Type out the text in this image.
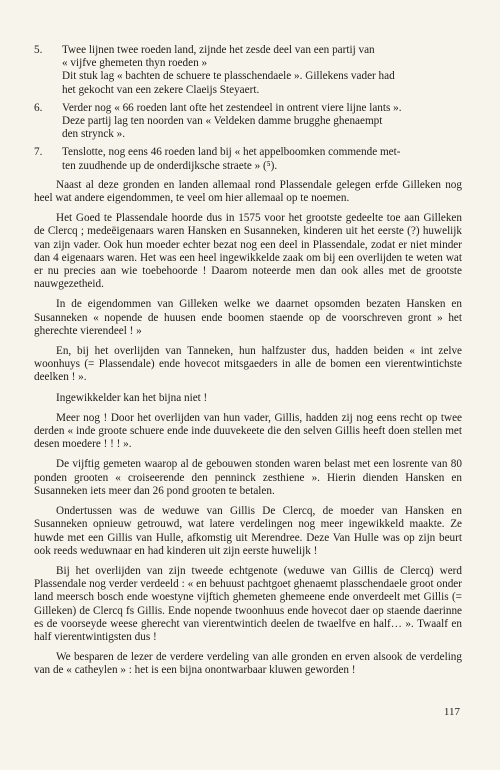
5.	Twee lijnen twee roeden land, zijnde het zesde deel van een partij van
« vijfve ghemeten thyn roeden »
Dit stuk lag « bachten de schuere te plasschendaele ». Gillekens vader had
het gekocht van een zekere Claeijs Steyaert.
6.	Verder nog « 66 roeden lant ofte het zestendeel in ontrent viere lijne lants ».
Deze partij lag ten noorden van « Veldeken damme brugghe ghenaempt
den strynck ».
7.	Tenslotte, nog eens 46 roeden land bij « het appelboomken commende met-
ten zuudhende up de onderdijksche straete » (⁵).

Naast al deze gronden en landen allemaal rond Plassendale gelegen erfde Gilleken nog heel wat andere eigendommen, te veel om hier allemaal op te noemen.

Het Goed te Plassendale hoorde dus in 1575 voor het grootste gedeelte toe aan Gilleken de Clercq ; medeëigenaars waren Hansken en Susanneken, kinderen uit het eerste (?) huwelijk van zijn vader. Ook hun moeder echter bezat nog een deel in Plassendale, zodat er niet minder dan 4 eigenaars waren. Het was een heel ingewikkelde zaak om bij een overlijden te weten wat er nu precies aan wie toebehoorde ! Daarom noteerde men dan ook alles met de grootste nauwgezetheid.

In de eigendommen van Gilleken welke we daarnet opsomden bezaten Hansken en Susanneken « nopende de huusen ende boomen staende op de voorschreven gront » het gherechte vierendeel ! »

En, bij het overlijden van Tanneken, hun halfzuster dus, hadden beiden « int zelve woonhuys (= Plassendale) ende hovecot mitsgaeders in alle de bomen een vierentwintichste deelken ! ».

Ingewikkelder kan het bijna niet !

Meer nog ! Door het overlijden van hun vader, Gillis, hadden zij nog eens recht op twee derden « inde groote schuere ende inde duuvekeete die den selven Gillis heeft doen stellen met desen moedere ! ! ! ».

De vijftig gemeten waarop al de gebouwen stonden waren belast met een losrente van 80 ponden grooten « croiseerende den penninck zesthiene ». Hierin dienden Hansken en Susanneken iets meer dan 26 pond grooten te betalen.

Ondertussen was de weduwe van Gillis De Clercq, de moeder van Hansken en Susanneken opnieuw getrouwd, wat latere verdelingen nog meer ingewikkeld maakte. Ze huwde met een Gillis van Hulle, afkomstig uit Merendree. Deze Van Hulle was op zijn beurt ook reeds weduwnaar en had kinderen uit zijn eerste huwelijk !

Bij het overlijden van zijn tweede echtgenote (weduwe van Gillis de Clercq) werd Plassendale nog verder verdeeld : « en behuust pachtgoet ghenaemt plasschendaele groot onder land meersch bosch ende woestyne vijftich ghemeten ghemeene ende onverdeelt met Gillis (= Gilleken) de Clercq fs Gillis. Ende nopende twoonhuus ende hovecot daer op staende daerinne es de voorseyde weese gherecht van vierentwintich deelen de twaelfve en half… ». Twaalf en half vierentwintigsten dus !

We besparen de lezer de verdere verdeling van alle gronden en erven alsook de verdeling van de « catheylen » : het is een bijna onontwarbaar kluwen geworden !

117
